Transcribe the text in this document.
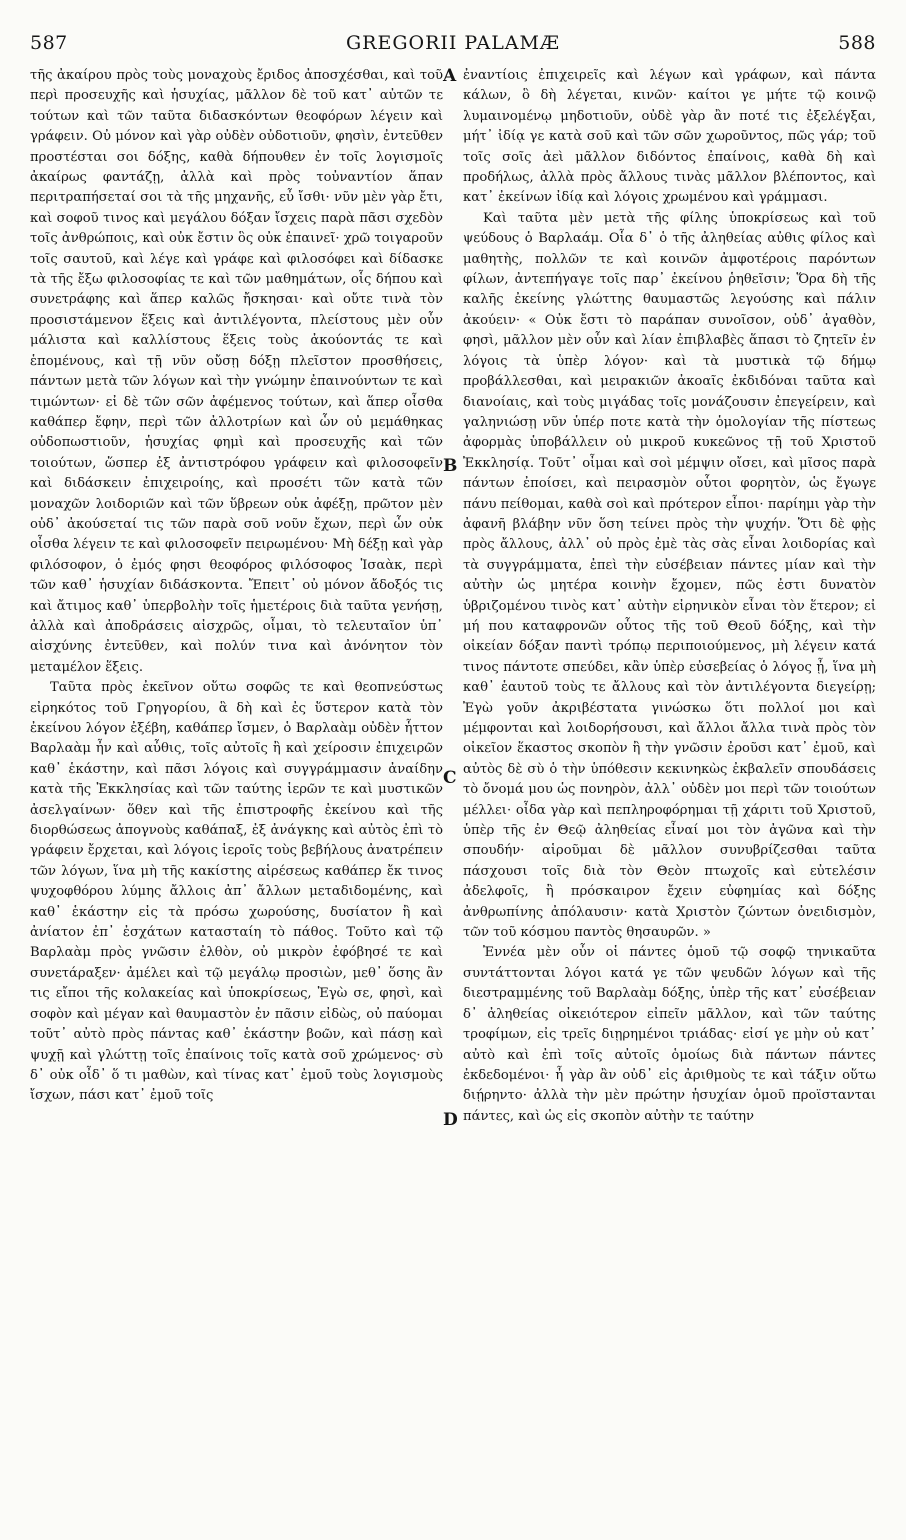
587	GREGORII PALAMÆ	588
A
B
C
D

τῆς ἀκαίρου πρὸς τοὺς μοναχοὺς ἔριδος ἀποσχέσθαι, καὶ τοῦ περὶ προσευχῆς καὶ ἡσυχίας, μᾶλλον δὲ τοῦ κατ᾽ αὐτῶν τε τούτων καὶ τῶν ταῦτα διδασκόντων θεοφόρων λέγειν καὶ γράφειν. Οὐ μόνον καὶ γὰρ οὐδὲν οὐδοτιοῦν, φησὶν, ἐντεῦθεν προστέσται σοι δόξης, καθὰ δήπουθεν ἐν τοῖς λογισμοῖς ἀκαίρως φαντάζῃ, ἀλλὰ καὶ πρὸς τοὐναντίον ἅπαν περιτραπήσεταί σοι τὰ τῆς μηχανῆς, εὖ ἴσθι· νῦν μὲν γὰρ ἔτι, καὶ σοφοῦ τινος καὶ μεγάλου δόξαν ἴσχεις παρὰ πᾶσι σχεδὸν τοῖς ἀνθρώποις, καὶ οὐκ ἔστιν ὃς οὐκ ἐπαινεῖ· χρῶ τοιγαροῦν τοῖς σαυτοῦ, καὶ λέγε καὶ γράφε καὶ φιλοσόφει καὶ δίδασκε τὰ τῆς ἔξω φιλοσοφίας τε καὶ τῶν μαθημάτων, οἷς δήπου καὶ συνετράφης καὶ ἅπερ καλῶς ἤσκησαι· καὶ οὔτε τινὰ τὸν προσιστάμενον ἕξεις καὶ ἀντιλέγοντα, πλείστους μὲν οὖν μάλιστα καὶ καλλίστους ἕξεις τοὺς ἀκούοντάς τε καὶ ἑπομένους, καὶ τῇ νῦν οὔσῃ δόξῃ πλεῖστον προσθήσεις, πάντων μετὰ τῶν λόγων καὶ τὴν γνώμην ἐπαινούντων τε καὶ τιμώντων· εἰ δὲ τῶν σῶν ἀφέμενος τούτων, καὶ ἅπερ οἶσθα καθάπερ ἔφην, περὶ τῶν ἀλλοτρίων καὶ ὧν οὐ μεμάθηκας οὐδοπωστιοῦν, ἡσυχίας φημὶ καὶ προσευχῆς καὶ τῶν τοιούτων, ὥσπερ ἐξ ἀντιστρόφου γράφειν καὶ φιλοσοφεῖν καὶ διδάσκειν ἐπιχειροίης, καὶ προσέτι τῶν κατὰ τῶν μοναχῶν λοιδοριῶν καὶ τῶν ὕβρεων οὐκ ἀφέξῃ, πρῶτον μὲν οὐδ᾽ ἀκούσεταί τις τῶν παρὰ σοῦ νοῦν ἔχων, περὶ ὧν οὐκ οἶσθα λέγειν τε καὶ φιλοσοφεῖν πειρωμένου· Μὴ δέξῃ καὶ γὰρ φιλόσοφον, ὁ ἐμός φησι θεοφόρος φιλόσοφος Ἰσαὰκ, περὶ τῶν καθ᾽ ἡσυχίαν διδάσκοντα. Ἔπειτ᾽ οὐ μόνον ἄδοξός τις καὶ ἄτιμος καθ᾽ ὑπερβολὴν τοῖς ἡμετέροις διὰ ταῦτα γενήσῃ, ἀλλὰ καὶ ἀποδράσεις αἰσχρῶς, οἶμαι, τὸ τελευταῖον ὑπ᾽ αἰσχύνης ἐντεῦθεν, καὶ πολύν τινα καὶ ἀνόνητον τὸν μεταμέλον ἕξεις.

Ταῦτα πρὸς ἐκεῖνον οὕτω σοφῶς τε καὶ θεοπνεύστως εἰρηκότος τοῦ Γρηγορίου, ἃ δὴ καὶ ἐς ὕστερον κατὰ τὸν ἐκείνου λόγον ἐξέβη, καθάπερ ἴσμεν, ὁ Βαρλαὰμ οὐδὲν ἧττον Βαρλαὰμ ἦν καὶ αὖθις, τοῖς αὐτοῖς ἢ καὶ χείροσιν ἐπιχειρῶν καθ᾽ ἑκάστην, καὶ πᾶσι λόγοις καὶ συγγράμμασιν ἀναίδην κατὰ τῆς Ἐκκλησίας καὶ τῶν ταύτης ἱερῶν τε καὶ μυστικῶν ἀσελγαίνων· ὅθεν καὶ τῆς ἐπιστροφῆς ἐκείνου καὶ τῆς διορθώσεως ἀπογνοὺς καθάπαξ, ἐξ ἀνάγκης καὶ αὐτὸς ἐπὶ τὸ γράφειν ἔρχεται, καὶ λόγοις ἱεροῖς τοὺς βεβήλους ἀνατρέπειν τῶν λόγων, ἵνα μὴ τῆς κακίστης αἱρέσεως καθάπερ ἔκ τινος ψυχοφθόρου λύμης ἄλλοις ἀπ᾽ ἄλλων μεταδιδομένης, καὶ καθ᾽ ἑκάστην εἰς τὰ πρόσω χωρούσης, δυσίατον ἢ καὶ ἀνίατον ἐπ᾽ ἐσχάτων κατασταίη τὸ πάθος. Τοῦτο καὶ τῷ Βαρλαὰμ πρὸς γνῶσιν ἐλθὸν, οὐ μικρὸν ἐφόβησέ τε καὶ συνετάραξεν· ἀμέλει καὶ τῷ μεγάλῳ προσιὼν, μεθ᾽ ὅσης ἂν τις εἴποι τῆς κολακείας καὶ ὑποκρίσεως, Ἐγὼ σε, φησὶ, καὶ σοφὸν καὶ μέγαν καὶ θαυμαστὸν ἐν πᾶσιν εἰδὼς, οὐ παύομαι τοῦτ᾽ αὐτὸ πρὸς πάντας καθ᾽ ἑκάστην βοῶν, καὶ πάσῃ καὶ ψυχῇ καὶ γλώττῃ τοῖς ἐπαίνοις τοῖς κατὰ σοῦ χρώμενος· σὺ δ᾽ οὐκ οἶδ᾽ ὅ τι μαθὼν, καὶ τίνας κατ᾽ ἐμοῦ τοὺς λογισμοὺς ἴσχων, πάσι κατ᾽ ἐμοῦ τοῖς

ἐναντίοις ἐπιχειρεῖς καὶ λέγων καὶ γράφων, καὶ πάντα κάλων, ὃ δὴ λέγεται, κινῶν· καίτοι γε μήτε τῷ κοινῷ λυμαινομένῳ μηδοτιοῦν, οὐδὲ γὰρ ἂν ποτέ τις ἐξελέγξαι, μήτ᾽ ἰδίᾳ γε κατὰ σοῦ καὶ τῶν σῶν χωροῦντος, πῶς γάρ; τοῦ τοῖς σοῖς ἀεὶ μᾶλλον διδόντος ἐπαίνοις, καθὰ δὴ καὶ προδήλως, ἀλλὰ πρὸς ἄλλους τινὰς μᾶλλον βλέποντος, καὶ κατ᾽ ἐκείνων ἰδίᾳ καὶ λόγοις χρωμένου καὶ γράμμασι.

Καὶ ταῦτα μὲν μετὰ τῆς φίλης ὑποκρίσεως καὶ τοῦ ψεύδους ὁ Βαρλαάμ. Οἷα δ᾽ ὁ τῆς ἀληθείας αὐθις φίλος καὶ μαθητὴς, πολλῶν τε καὶ κοινῶν ἀμφοτέροις παρόντων φίλων, ἀντεπήγαγε τοῖς παρ᾽ ἐκείνου ῥηθεῖσιν; Ὅρα δὴ τῆς καλῆς ἐκείνης γλώττης θαυμαστῶς λεγούσης καὶ πάλιν ἀκούειν· « Οὐκ ἔστι τὸ παράπαν συνοῖσον, οὐδ᾽ ἀγαθὸν, φησὶ, μᾶλλον μὲν οὖν καὶ λίαν ἐπιβλαβὲς ἅπασι τὸ ζητεῖν ἐν λόγοις τὰ ὑπὲρ λόγον· καὶ τὰ μυστικὰ τῷ δήμῳ προβάλλεσθαι, καὶ μειρακιῶν ἀκοαῖς ἐκδιδόναι ταῦτα καὶ διανοίαις, καὶ τοὺς μιγάδας τοῖς μονάζουσιν ἐπεγείρειν, καὶ γαληνιώσῃ νῦν ὑπέρ ποτε κατὰ τὴν ὁμολογίαν τῆς πίστεως ἀφορμὰς ὑποβάλλειν οὐ μικροῦ κυκεῶνος τῇ τοῦ Χριστοῦ Ἐκκλησίᾳ. Τοῦτ᾽ οἶμαι καὶ σοὶ μέμψιν οἴσει, καὶ μῖσος παρὰ πάντων ἐποίσει, καὶ πειρασμὸν οὗτοι φορητὸν, ὡς ἔγωγε πάνυ πείθομαι, καθὰ σοὶ καὶ πρότερον εἶποι· παρίημι γὰρ τὴν ἀφανῆ βλάβην νῦν ὅση τείνει πρὸς τὴν ψυχήν. Ὅτι δὲ φῂς πρὸς ἄλλους, ἀλλ᾽ οὐ πρὸς ἐμὲ τὰς σὰς εἶναι λοιδορίας καὶ τὰ συγγράμματα, ἐπεὶ τὴν εὐσέβειαν πάντες μίαν καὶ τὴν αὐτὴν ὡς μητέρα κοινὴν ἔχομεν, πῶς ἐστι δυνατὸν ὑβριζομένου τινὸς κατ᾽ αὐτὴν εἰρηνικὸν εἶναι τὸν ἕτερον; εἰ μή που καταφρονῶν οὗτος τῆς τοῦ Θεοῦ δόξης, καὶ τὴν οἰκείαν δόξαν παντὶ τρόπῳ περιποιούμενος, μὴ λέγειν κατά τινος πάντοτε σπεύδει, κἂν ὑπὲρ εὐσεβείας ὁ λόγος ᾖ, ἵνα μὴ καθ᾽ ἑαυτοῦ τοὺς τε ἄλλους καὶ τὸν ἀντιλέγοντα διεγείρῃ; Ἐγὼ γοῦν ἀκριβέστατα γινώσκω ὅτι πολλοί μοι καὶ μέμφονται καὶ λοιδορήσουσι, καὶ ἄλλοι ἄλλα τινὰ πρὸς τὸν οἰκεῖον ἕκαστος σκοπὸν ἢ τὴν γνῶσιν ἐροῦσι κατ᾽ ἐμοῦ, καὶ αὐτὸς δὲ σὺ ὁ τὴν ὑπόθεσιν κεκινηκὼς ἐκβαλεῖν σπουδάσεις τὸ ὄνομά μου ὡς πονηρὸν, ἀλλ᾽ οὐδὲν μοι περὶ τῶν τοιούτων μέλλει· οἶδα γὰρ καὶ πεπληροφόρημαι τῇ χάριτι τοῦ Χριστοῦ, ὑπὲρ τῆς ἐν Θεῷ ἀληθείας εἶναί μοι τὸν ἀγῶνα καὶ τὴν σπουδήν· αἱροῦμαι δὲ μᾶλλον συνυβρίζεσθαι ταῦτα πάσχουσι τοῖς διὰ τὸν Θεὸν πτωχοῖς καὶ εὐτελέσιν ἀδελφοῖς, ἢ πρόσκαιρον ἔχειν εὐφημίας καὶ δόξης ἀνθρωπίνης ἀπόλαυσιν· κατὰ Χριστὸν ζώντων ὀνειδισμὸν, τῶν τοῦ κόσμου παντὸς θησαυρῶν. »

Ἐννέα μὲν οὖν οἱ πάντες ὁμοῦ τῷ σοφῷ τηνικαῦτα συντάττονται λόγοι κατά γε τῶν ψευδῶν λόγων καὶ τῆς διεστραμμένης τοῦ Βαρλαὰμ δόξης, ὑπὲρ τῆς κατ᾽ εὐσέβειαν δ᾽ ἀληθείας οἰκειότερον εἰπεῖν μᾶλλον, καὶ τῶν ταύτης τροφίμων, εἰς τρεῖς διῃρημένοι τριάδας· εἰσί γε μὴν οὐ κατ᾽ αὐτὸ καὶ ἐπὶ τοῖς αὐτοῖς ὁμοίως διὰ πάντων πάντες ἐκδεδομένοι· ἦ γὰρ ἂν οὐδ᾽ εἰς ἀριθμοὺς τε καὶ τάξιν οὕτω διῄρηντο· ἀλλὰ τὴν μὲν πρώτην ἡσυχίαν ὁμοῦ προϊστανται πάντες, καὶ ὡς εἰς σκοπὸν αὐτὴν τε ταύτην
